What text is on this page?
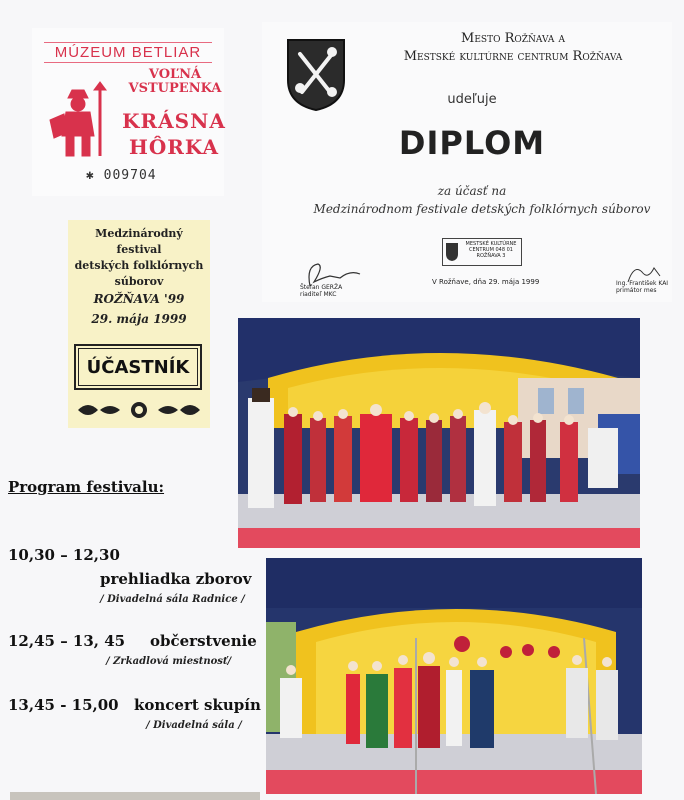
MÚZEUM BETLIAR
VOĽNÁ
VSTUPENKA
KRÁSNA
HÔRKA
✱ 009704
Mesto Rožňava a
Mestské kultúrne centrum Rožňava
udeľuje
DIPLOM
za účasť na
Medzinárodnom festivale detských folklórnych súborov
MESTSKÉ KULTÚRNE CENTRUM 048 01 ROŽŇAVA 3
Štefan GERŽA
riaditeľ MKC
V Rožňave, dňa 29. mája 1999	Ing. František KAI
primátor mes
Medzinárodný festival
detských folklórnych
súborov
ROŽŇAVA '99
29. mája 1999
ÚČASTNÍK
Program festivalu:
10,30 – 12,30
prehliadka zborov
/ Divadelná sála Radnice /
12,45 – 13, 45 občerstvenie
/ Zrkadlová miestnosť/
13,45 - 15,00 koncert skupín
/ Divadelná sála /
